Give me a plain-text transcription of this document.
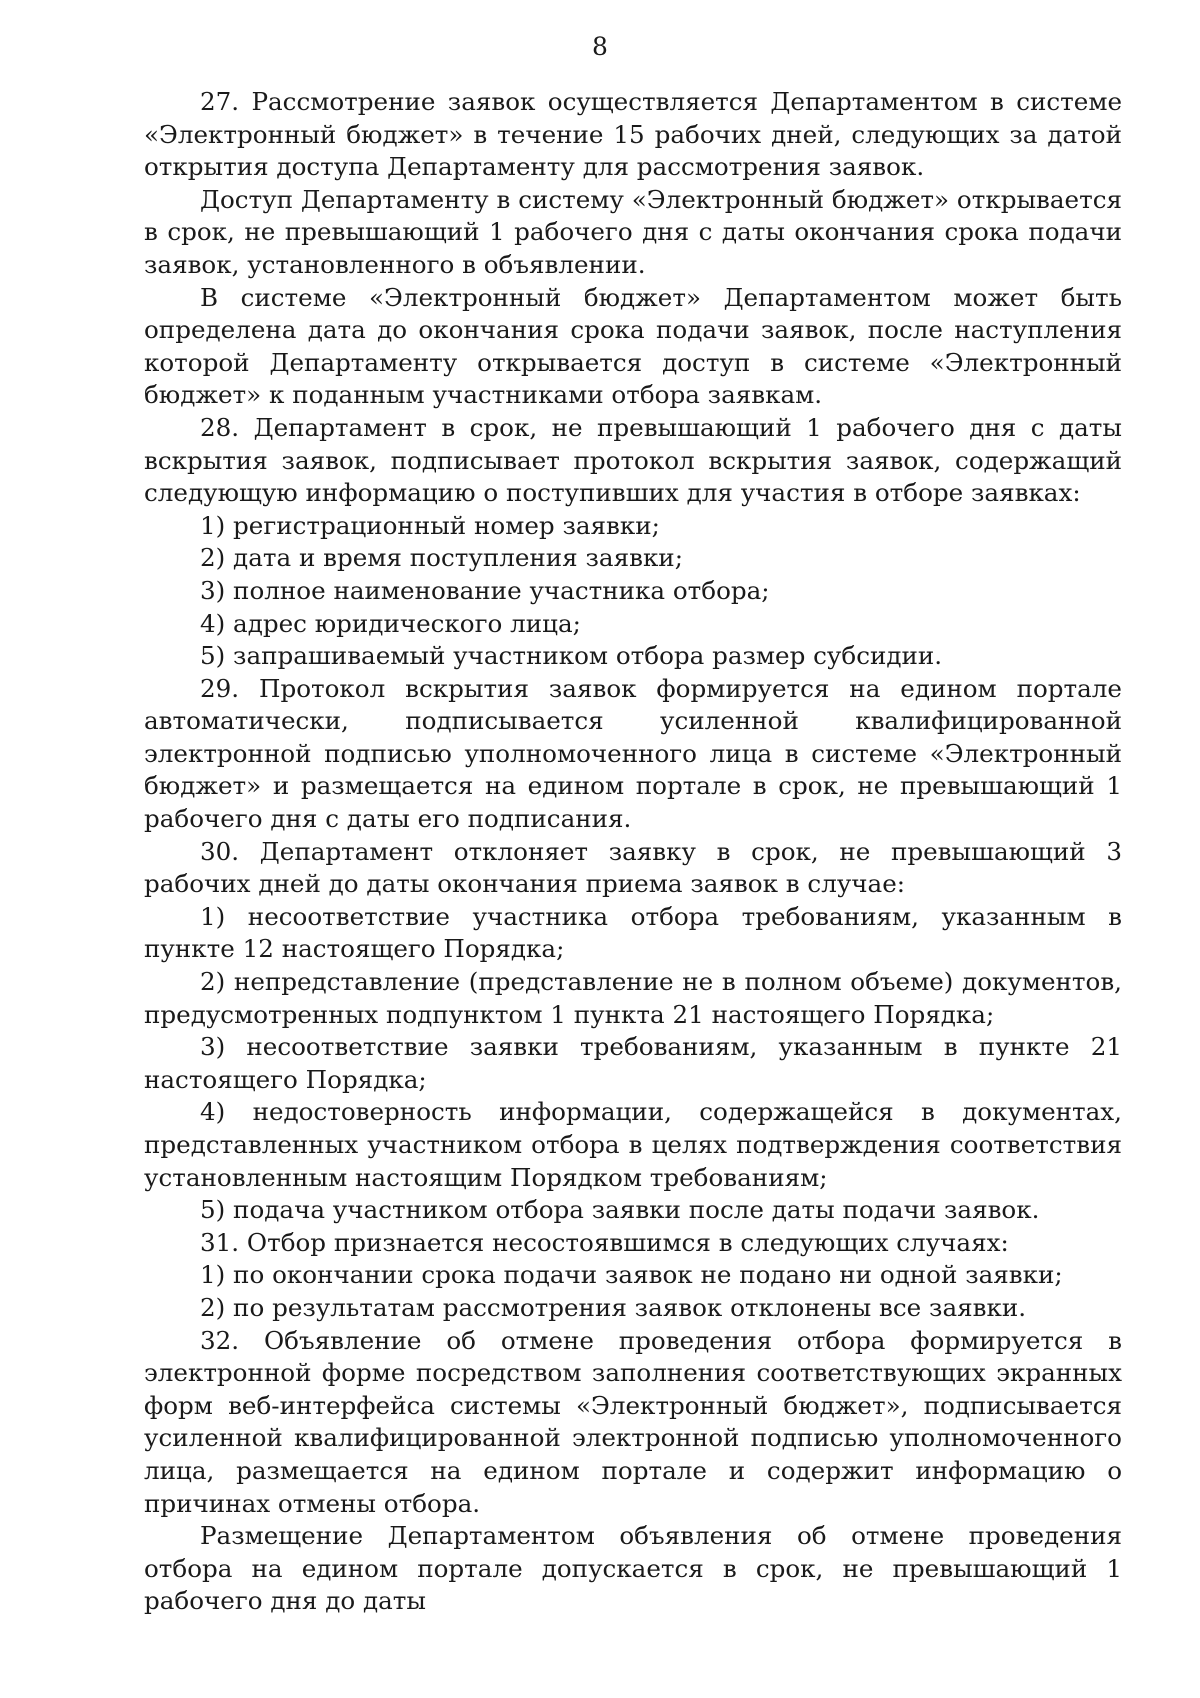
8

27. Рассмотрение заявок осуществляется Департаментом в системе «Электронный бюджет» в течение 15 рабочих дней, следующих за датой открытия доступа Департаменту для рассмотрения заявок.

Доступ Департаменту в систему «Электронный бюджет» открывается в срок, не превышающий 1 рабочего дня с даты окончания срока подачи заявок, установленного в объявлении.

В системе «Электронный бюджет» Департаментом может быть определена дата до окончания срока подачи заявок, после наступления которой Департаменту открывается доступ в системе «Электронный бюджет» к поданным участниками отбора заявкам.

28. Департамент в срок, не превышающий 1 рабочего дня с даты вскрытия заявок, подписывает протокол вскрытия заявок, содержащий следующую информацию о поступивших для участия в отборе заявках:

1) регистрационный номер заявки;

2) дата и время поступления заявки;

3) полное наименование участника отбора;

4) адрес юридического лица;

5) запрашиваемый участником отбора размер субсидии.

29. Протокол вскрытия заявок формируется на едином портале автоматически, подписывается усиленной квалифицированной электронной подписью уполномоченного лица в системе «Электронный бюджет» и размещается на едином портале в срок, не превышающий 1 рабочего дня с даты его подписания.

30. Департамент отклоняет заявку в срок, не превышающий 3 рабочих дней до даты окончания приема заявок в случае:

1) несоответствие участника отбора требованиям, указанным в пункте 12 настоящего Порядка;

2) непредставление (представление не в полном объеме) документов, предусмотренных подпунктом 1 пункта 21 настоящего Порядка;

3) несоответствие заявки требованиям, указанным в пункте 21 настоящего Порядка;

4) недостоверность информации, содержащейся в документах, представленных участником отбора в целях подтверждения соответствия установленным настоящим Порядком требованиям;

5) подача участником отбора заявки после даты подачи заявок.

31. Отбор признается несостоявшимся в следующих случаях:

1) по окончании срока подачи заявок не подано ни одной заявки;

2) по результатам рассмотрения заявок отклонены все заявки.

32. Объявление об отмене проведения отбора формируется в электронной форме посредством заполнения соответствующих экранных форм веб-интерфейса системы «Электронный бюджет», подписывается усиленной квалифицированной электронной подписью уполномоченного лица, размещается на едином портале и содержит информацию о причинах отмены отбора.

Размещение Департаментом объявления об отмене проведения отбора на едином портале допускается в срок, не превышающий 1 рабочего дня до даты
